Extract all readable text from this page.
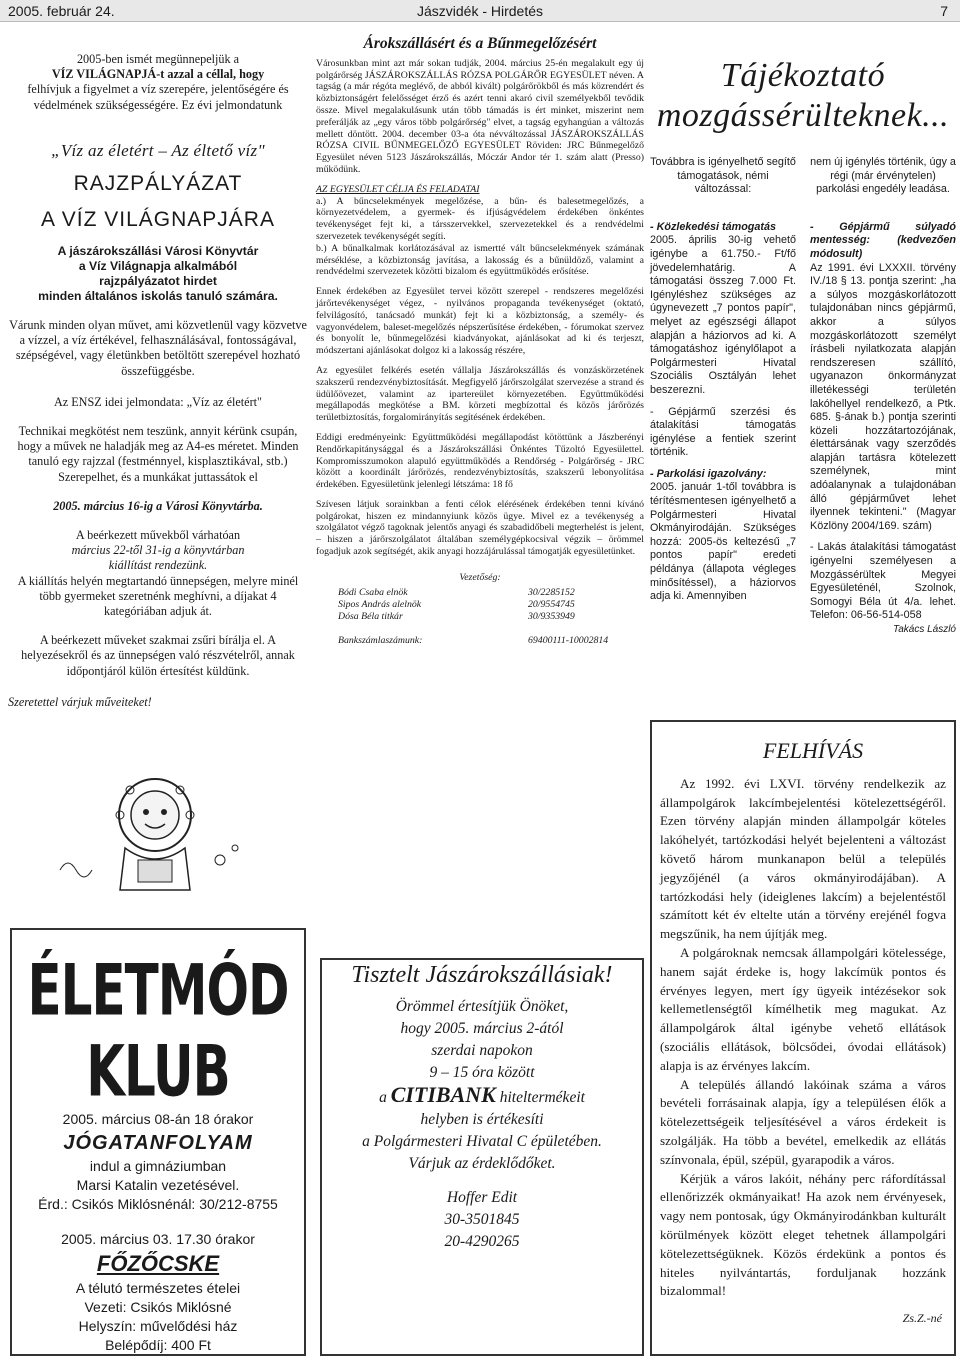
Jászvidék - Hirdetés
2005. február 24.	7

2005-ben ismét megünnepeljük a

VÍZ VILÁGNAPJÁ-t azzal a céllal, hogy

felhívjuk a figyelmet a víz szerepére, jelentőségére és

védelmének szükségességére. Ez évi jelmondatunk

„Víz az életért – Az éltető víz"

RAJZPÁLYÁZAT

A VÍZ VILÁGNAPJÁRA

A jászárokszállási Városi Könyvtár

a Víz Világnapja alkalmából

rajzpályázatot hirdet

minden általános iskolás tanuló számára.

Várunk minden olyan művet, ami közvetlenül vagy közvetve a vízzel, a víz értékével, felhasználásával, fontosságával, szépségével, vagy életünkben betöltött szerepével hozható összefüggésbe.

Az ENSZ idei jelmondata: „Víz az életért"

Technikai megkötést nem teszünk, annyit kérünk csupán, hogy a művek ne haladják meg az A4-es méretet. Minden tanuló egy rajzzal (festménnyel, kisplasztikával, stb.) Szerepelhet, és a munkákat juttassátok el

2005. március 16-ig a Városi Könyvtárba.

A beérkezett művekből várhatóan

március 22-től 31-ig a könyvtárban

kiállítást rendezünk.

A kiállítás helyén megtartandó ünnepségen, melyre minél több gyermeket szeretnénk meghívni, a díjakat 4 kategóriában adjuk át.

A beérkezett műveket szakmai zsűri bírálja el. A helyezésekről és az ünnepségen való részvételről, annak időpontjáról külön értesítést küldünk.

Szeretettel várjuk műveiteket!

Árokszállásért és a Bűnmegelőzésért

Városunkban mint azt már sokan tudják, 2004. március 25-én megalakult egy új polgárőrség JÁSZÁROKSZÁLLÁS RÓZSA POLGÁRŐR EGYESÜLET néven. A tagság (a már régóta meglévő, de abból kivált) polgárőrökből és más közrendért és közbiztonságért felelősséget érző és azért tenni akaró civil személyekből tevődik össze. Mivel megalakulásunk után több támadás is ért minket, miszerint nem preferálják az „egy város több polgárőrség" elvet, a tagság egyhangúan a változás mellett döntött. 2004. december 03-a óta névváltozással JÁSZÁROKSZÁLLÁS RÓZSA CIVIL BŰNMEGELŐZŐ EGYESÜLET Röviden: JRC Bűnmegelőző Egyesület néven 5123 Jászárokszállás, Móczár Andor tér 1. szám alatt (Presso) működünk.

AZ EGYESÜLET CÉLJA ÉS FELADATAI

a.) A bűncselekmények megelőzése, a bűn- és balesetmegelőzés, a környezetvédelem, a gyermek- és ifjúságvédelem érdekében önkéntes tevékenységet fejt ki, a társszervekkel, szervezetekkel és a rendvédelmi szervezetek tevékenységét segíti.

b.) A bűnalkalmak korlátozásával az ismertté vált bűncselekmények számának mérséklése, a közbiztonság javítása, a lakosság és a bűnüldöző, valamint a rendvédelmi szervezetek közötti bizalom és együttműködés erősítése.

Ennek érdekében az Egyesület tervei között szerepel - rendszeres megelőzési járőrtevékenységet végez, - nyilvános propaganda tevékenységet (oktató, felvilágosító, tanácsadó munkát) fejt ki a közbiztonság, a személy- és vagyonvédelem, baleset-megelőzés népszerűsítése érdekében, - fórumokat szervez és bonyolít le, bűnmegelőzési kiadványokat, ajánlásokat ad ki és terjeszt, módszertani ajánlásokat dolgoz ki a lakosság részére,

Az egyesület felkérés esetén vállalja Jászárokszállás és vonzáskörzetének szakszerű rendezvénybiztosítását. Megfigyelő járőrszolgálat szervezése a strand és üdülőövezet, valamint az ipartereület környezetében. Együttműködési megállapodás megkötése a BM. körzeti megbízottal és közös járőrözés területbiztosítás, forgalomirányítás segítésének érdekében.

Eddigi eredményeink: Együttműködési megállapodást kötöttünk a Jászberényi Rendőrkapitánysággal és a Jászárokszállási Önkéntes Tűzoltó Egyesülettel. Kompromisszumokon alapuló együttműködés a Rendőrség - Polgárőrség - JRC között a koordinált járőrözés, rendezvénybiztosítás, szakszerű lebonyolítása érdekében. Egyesületünk jelenlegi létszáma: 18 fő

Szívesen látjuk sorainkban a fenti célok elérésének érdekében tenni kívánó polgárokat, hiszen ez mindannyiunk közös ügye. Mivel ez a tevékenység a szolgálatot végző tagoknak jelentős anyagi és szabadidőbeli megterhelést is jelent, – hiszen a járőrszolgálatot általában személygépkocsival végzik – örömmel fogadjuk azok segítségét, akik anyagi hozzájárulással támogatják egyesületünket.

Vezetőség:
Bódi Csaba elnök	30/2285152
Sipos András alelnök	20/9554745
Dósa Béla titkár	30/9353949
Bankszámlaszámunk:	69400111-10002814

Tájékoztató

mozgássérülteknek...

Továbbra is igényelhető segítő támogatások, némi változással:

- Közlekedési támogatás

2005. április 30-ig vehető igénybe a 61.750.- Ft/fő jövedelemhatárig. A támogatási összeg 7.000 Ft. Igényléshez szükséges az úgynevezett „7 pontos papír", melyet az egészségi állapot alapján a háziorvos ad ki. A támogatáshoz igénylőlapot a Polgármesteri Hivatal Szociális Osztályán lehet beszerezni.

- Gépjármű szerzési és átalakítási támogatás igénylése a fentiek szerint történik.

- Parkolási igazolvány:

2005. január 1-től továbbra is térítésmentesen igényelhető a Polgármesteri Hivatal Okmányirodáján. Szükséges hozzá: 2005-ös keltezésű „7 pontos papír" eredeti példánya (állapota végleges minősítéssel), a háziorvos adja ki. Amennyiben

nem új igénylés történik, úgy a régi (már érvénytelen) parkolási engedély leadása.

- Gépjármű súlyadó mentesség: (kedvezően módosult)

Az 1991. évi LXXXII. törvény IV./18 § 13. pontja szerint: „ha a súlyos mozgáskorlátozott tulajdonában nincs gépjármű, akkor a súlyos mozgáskorlátozott személyt írásbeli nyilatkozata alapján rendszeresen szállító, ugyanazon önkormányzat illetékességi területén lakóhellyel rendelkező, a Ptk. 685. §-ának b.) pontja szerinti közeli hozzátartozójának, élettársának vagy szerződés alapján tartásra kötelezett személynek, mint adóalanynak a tulajdonában álló gépjárművet lehet ilyennek tekinteni." (Magyar Közlöny 2004/169. szám)

- Lakás átalakítási támogatást igényelni személyesen a Mozgássérültek Megyei Egyesületénél, Szolnok, Somogyi Béla út 4/a. lehet. Telefon: 06-56-514-058

Takács László

ÉLETMÓD KLUB

2005. március 08-án 18 órakor

JÓGATANFOLYAM

indul a gimnáziumban

Marsi Katalin vezetésével.

Érd.: Csikós Miklósnénál: 30/212-8755

2005. március 03. 17.30 órakor

FŐZŐCSKE

A télutó természetes ételei

Vezeti: Csikós Miklósné

Helyszín: művelődési ház

Belépődíj: 400 Ft

Tisztelt Jászárokszállásiak!

Örömmel értesítjük Önöket,

hogy 2005. március 2-ától

szerdai napokon

9 – 15 óra között

a CITIBANK hiteltermékeit

helyben is értékesíti

a Polgármesteri Hivatal C épületében.

Várjuk az érdeklődőket.

Hoffer Edit

30-3501845

20-4290265

FELHÍVÁS

Az 1992. évi LXVI. törvény rendelkezik az állampolgárok lakcímbejelentési kötelezettségéről. Ezen törvény alapján minden állampolgár köteles lakóhelyét, tartózkodási helyét bejelenteni a változást követő három munkanapon belül a település jegyzőjénél (a város okmányirodájában). A tartózkodási hely (ideiglenes lakcím) a bejelentéstől számított két év eltelte után a törvény erejénél fogva megszűnik, ha nem újítják meg.

A polgároknak nemcsak állampolgári kötelessége, hanem saját érdeke is, hogy lakcímük pontos és érvényes legyen, mert így ügyeik intézésekor sok kellemetlenségtől kímélhetik meg magukat. Az állampolgárok által igénybe vehető ellátások (szociális ellátások, bölcsődei, óvodai ellátások) alapja is az érvényes lakcím.

A település állandó lakóinak száma a város bevételi forrásainak alapja, így a településen élők a kötelezettségeik teljesítésével a város érdekeit is szolgálják. Ha több a bevétel, emelkedik az ellátás színvonala, épül, szépül, gyarapodik a város.

Kérjük a város lakóit, néhány perc ráfordítással ellenőrizzék okmányaikat! Ha azok nem érvényesek, vagy nem pontosak, úgy Okmányirodánkban kulturált körülmények között eleget tehetnek állampolgári kötelezettségüknek. Közös érdekünk a pontos és hiteles nyilvántartás, forduljanak hozzánk bizalommal!

Zs.Z.-né
